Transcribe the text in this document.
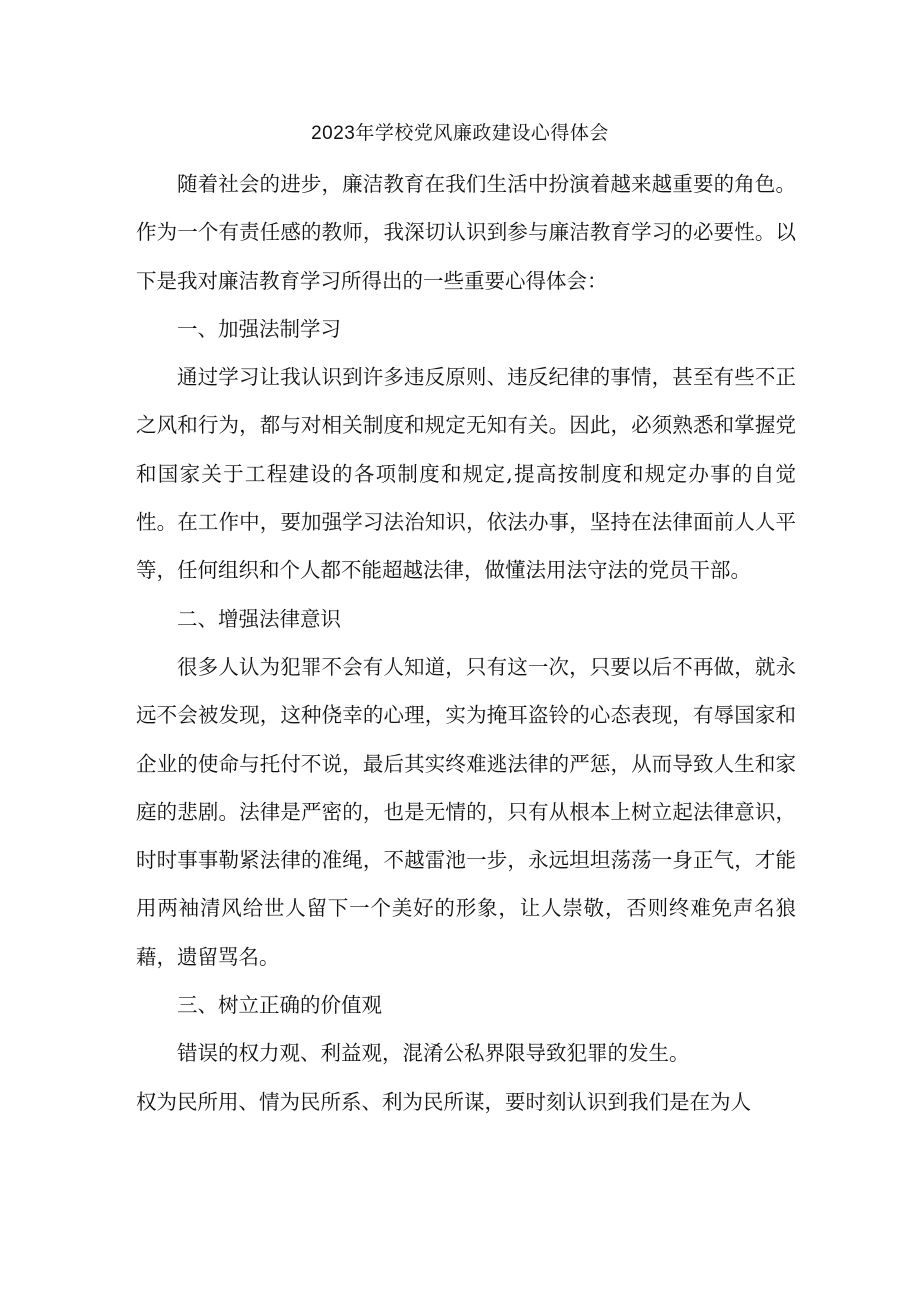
2023年学校党风廉政建设心得体会

随着社会的进步，廉洁教育在我们生活中扮演着越来越重要的角色。作为一个有责任感的教师，我深切认识到参与廉洁教育学习的必要性。以下是我对廉洁教育学习所得出的一些重要心得体会：

一、加强法制学习

通过学习让我认识到许多违反原则、违反纪律的事情，甚至有些不正之风和行为，都与对相关制度和规定无知有关。因此，必须熟悉和掌握党和国家关于工程建设的各项制度和规定,提高按制度和规定办事的自觉性。在工作中，要加强学习法治知识，依法办事，坚持在法律面前人人平等，任何组织和个人都不能超越法律，做懂法用法守法的党员干部。

二、增强法律意识

很多人认为犯罪不会有人知道，只有这一次，只要以后不再做，就永远不会被发现，这种侥幸的心理，实为掩耳盗铃的心态表现，有辱国家和企业的使命与托付不说，最后其实终难逃法律的严惩，从而导致人生和家庭的悲剧。法律是严密的，也是无情的，只有从根本上树立起法律意识，时时事事勒紧法律的准绳，不越雷池一步，永远坦坦荡荡一身正气，才能用两袖清风给世人留下一个美好的形象，让人崇敬，否则终难免声名狼藉，遗留骂名。

三、树立正确的价值观

错误的权力观、利益观，混淆公私界限导致犯罪的发生。

权为民所用、情为民所系、利为民所谋，要时刻认识到我们是在为人
